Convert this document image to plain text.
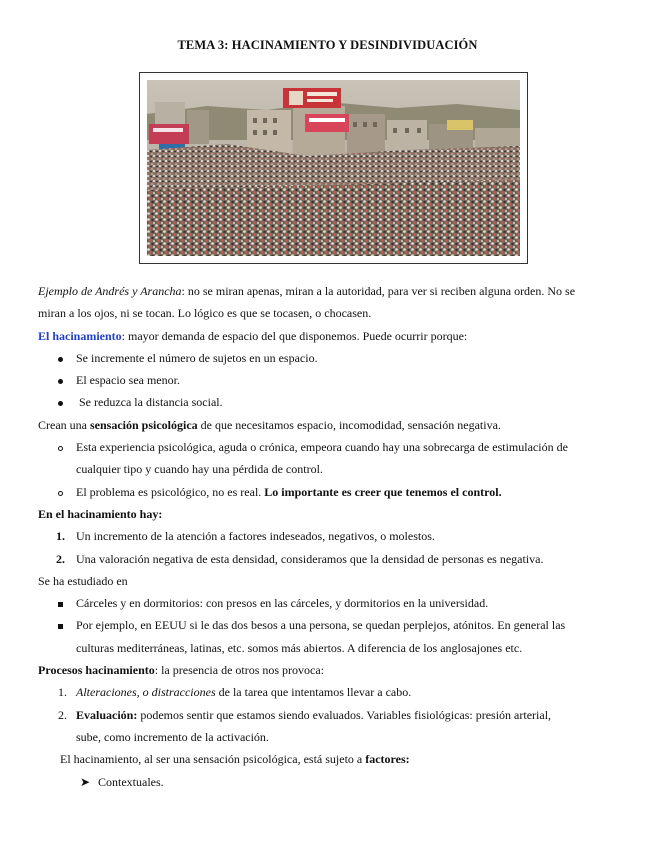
TEMA 3: HACINAMIENTO Y DESINDIVIDUACIÓN
Ejemplo de Andrés y Arancha: no se miran apenas, miran a la autoridad, para ver si reciben alguna orden. No se
miran a los ojos, ni se tocan. Lo lógico es que se tocasen, o chocasen.
El hacinamiento: mayor demanda de espacio del que disponemos. Puede ocurrir porque:
Se incremente el número de sujetos en un espacio.
El espacio sea menor.
Se reduzca la distancia social.
Crean una sensación psicológica de que necesitamos espacio, incomodidad, sensación negativa.
Esta experiencia psicológica, aguda o crónica, empeora cuando hay una sobrecarga de estimulación de
cualquier tipo y cuando hay una pérdida de control.
El problema es psicológico, no es real. Lo importante es creer que tenemos el control.
En el hacinamiento hay:
1. Un incremento de la atención a factores indeseados, negativos, o molestos.
2. Una valoración negativa de esta densidad, consideramos que la densidad de personas es negativa.
Se ha estudiado en
Cárceles y en dormitorios: con presos en las cárceles, y dormitorios en la universidad.
Por ejemplo, en EEUU si le das dos besos a una persona, se quedan perplejos, atónitos. En general las
culturas mediterráneas, latinas, etc. somos más abiertos. A diferencia de los anglosajones etc.
Procesos hacinamiento: la presencia de otros nos provoca:
1. Alteraciones, o distracciones de la tarea que intentamos llevar a cabo.
2. Evaluación: podemos sentir que estamos siendo evaluados. Variables fisiológicas: presión arterial,
sube, como incremento de la activación.
El hacinamiento, al ser una sensación psicológica, está sujeto a factores:
➤ Contextuales.
